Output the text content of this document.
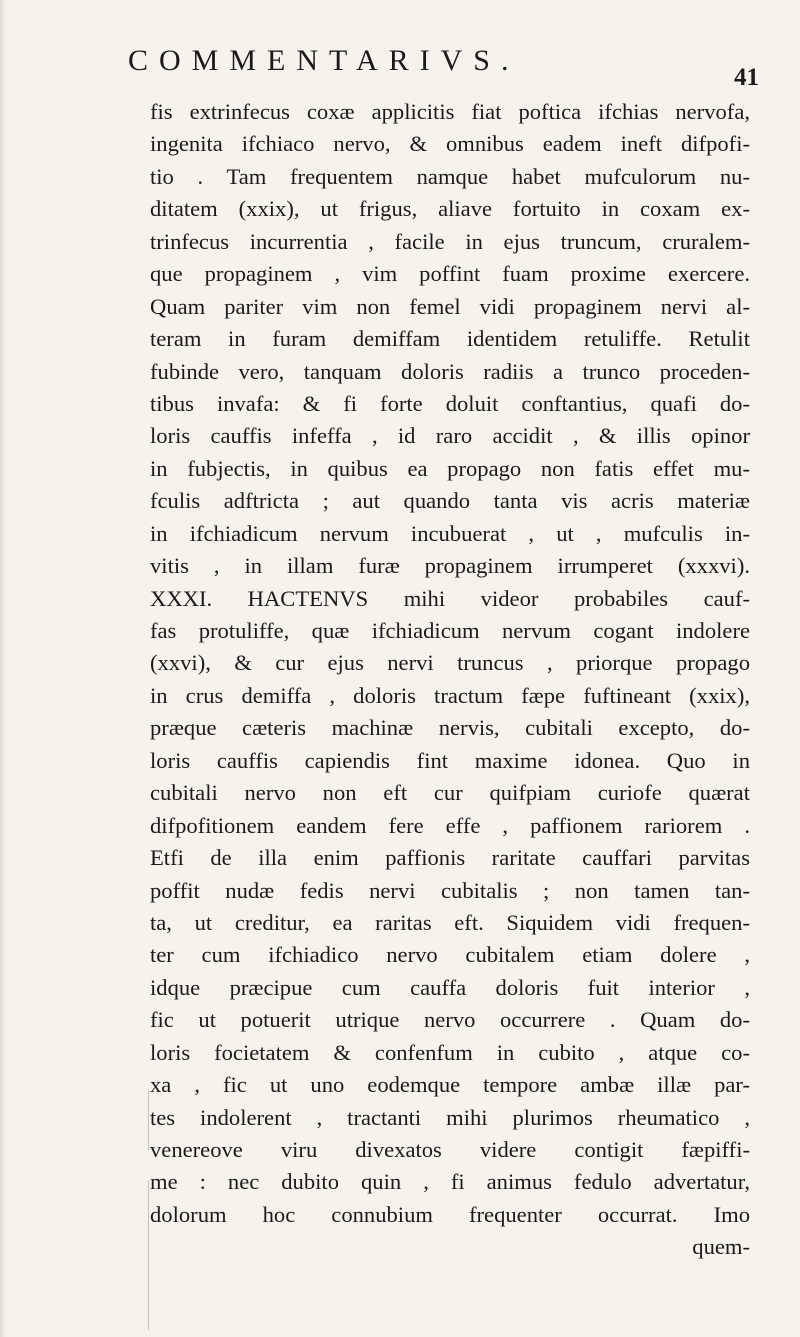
COMMENTARIVS.
41
fis extrinfecus coxæ applicitis fiat poftica ifchias nervofa,
ingenita ifchiaco nervo, & omnibus eadem ineft difpofi-
tio . Tam frequentem namque habet mufculorum nu-
ditatem (xxix), ut frigus, aliave fortuito in coxam ex-
trinfecus incurrentia , facile in ejus truncum, cruralem-
que propaginem , vim poffint fuam proxime exercere.
Quam pariter vim non femel vidi propaginem nervi al-
teram in furam demiffam identidem retuliffe. Retulit
fubinde vero, tanquam doloris radiis a trunco proceden-
tibus invafa: & fi forte doluit conftantius, quafi do-
loris cauffis infeffa , id raro accidit , & illis opinor
in fubjectis, in quibus ea propago non fatis effet mu-
fculis adftricta ; aut quando tanta vis acris materiæ
in ifchiadicum nervum incubuerat , ut , mufculis in-
vitis , in illam furæ propaginem irrumperet (xxxvi).
XXXI. HACTENVS mihi videor probabiles cauf-
fas protuliffe, quæ ifchiadicum nervum cogant indolere
(xxvi), & cur ejus nervi truncus , priorque propago
in crus demiffa , doloris tractum fæpe fuftineant (xxix),
præque cæteris machinæ nervis, cubitali excepto, do-
loris cauffis capiendis fint maxime idonea. Quo in
cubitali nervo non eft cur quifpiam curiofe quærat
difpofitionem eandem fere effe , paffionem rariorem .
Etfi de illa enim paffionis raritate cauffari parvitas
poffit nudæ fedis nervi cubitalis ; non tamen tan-
ta, ut creditur, ea raritas eft. Siquidem vidi frequen-
ter cum ifchiadico nervo cubitalem etiam dolere ,
idque præcipue cum cauffa doloris fuit interior ,
fic ut potuerit utrique nervo occurrere . Quam do-
loris focietatem & confenfum in cubito , atque co-
xa , fic ut uno eodemque tempore ambæ illæ par-
tes indolerent , tractanti mihi plurimos rheumatico ,
venereove viru divexatos videre contigit fæpiffi-
me : nec dubito quin , fi animus fedulo advertatur,
dolorum hoc connubium frequenter occurrat. Imo
quem-
